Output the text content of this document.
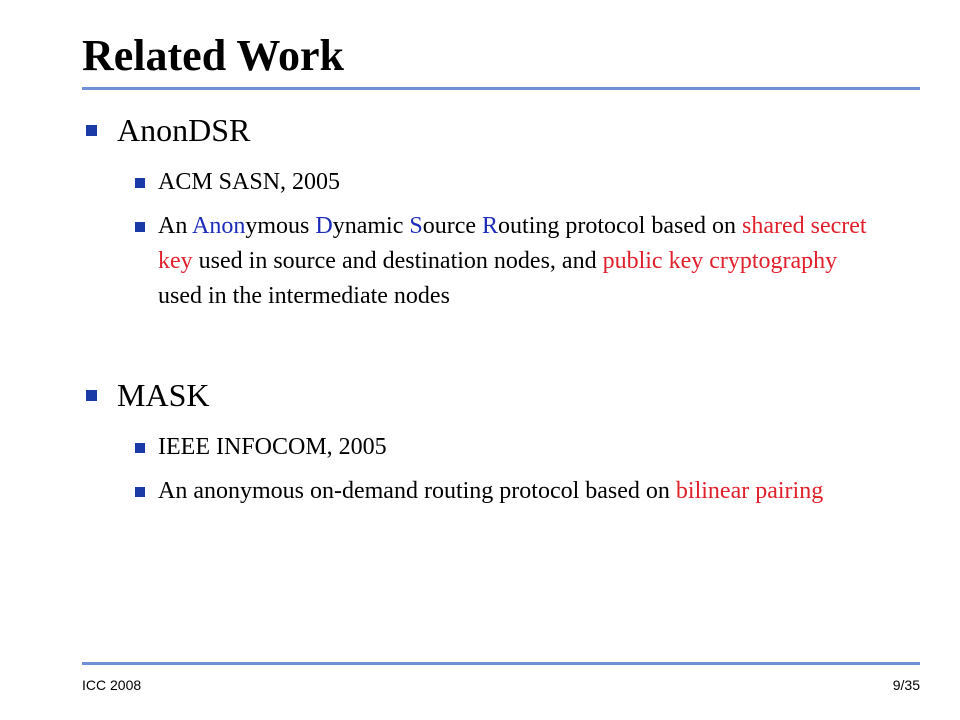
Related Work
AnonDSR
ACM SASN, 2005
An Anonymous Dynamic Source Routing protocol based on shared secret key used in source and destination nodes, and public key cryptography used in the intermediate nodes
MASK
IEEE INFOCOM, 2005
An anonymous on-demand routing protocol based on bilinear pairing
ICC 2008	9/35
